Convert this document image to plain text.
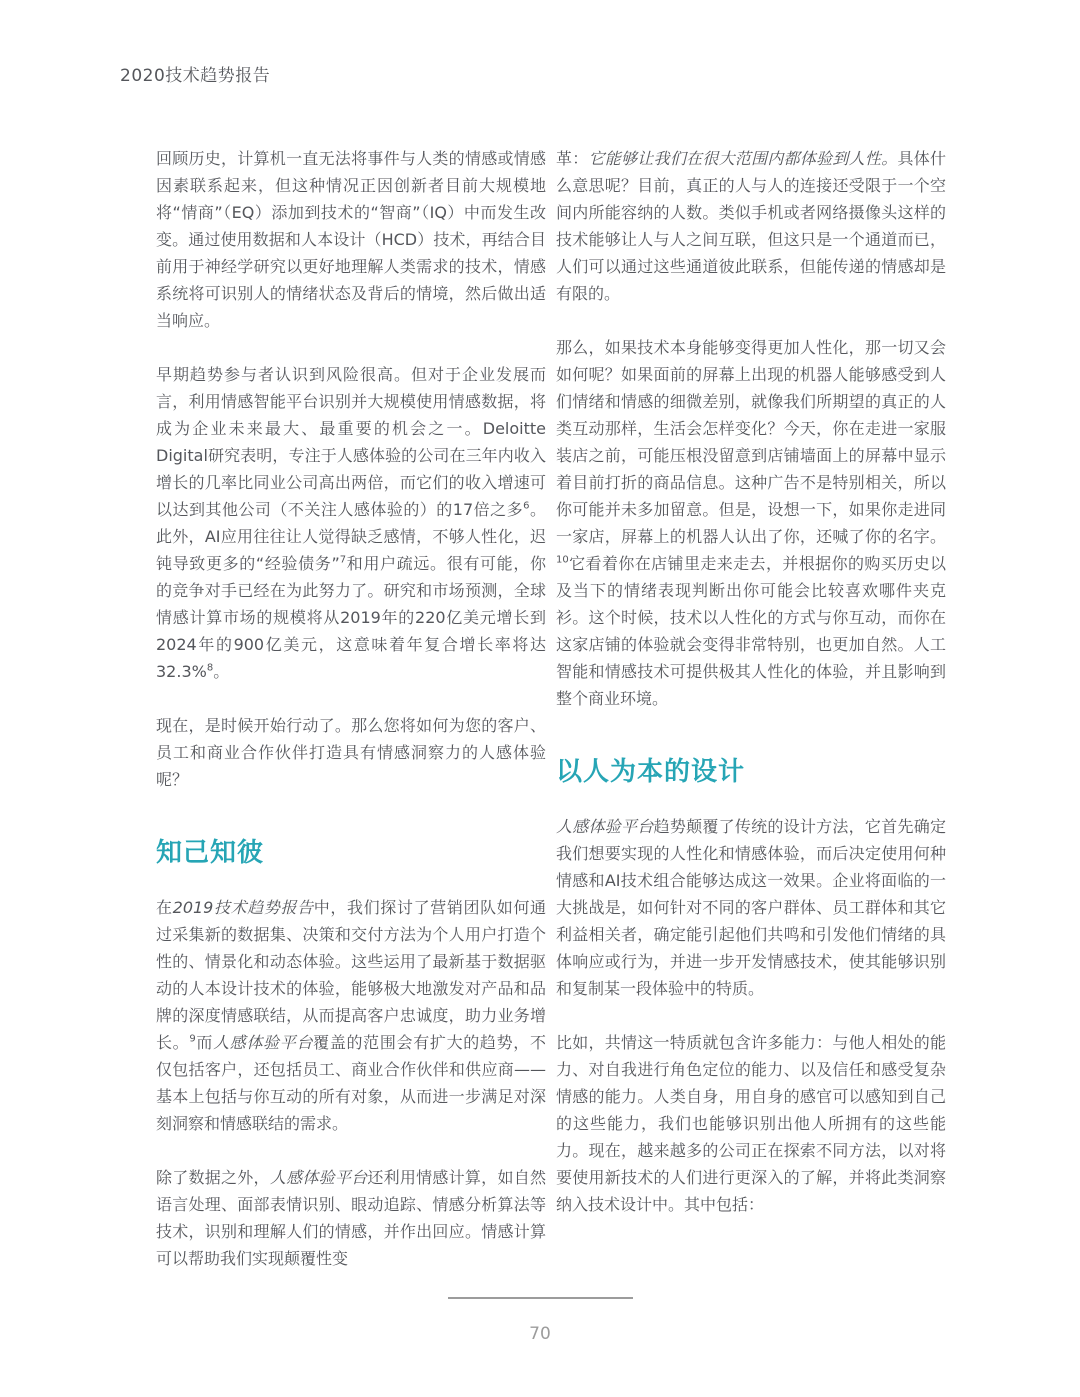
2020技术趋势报告

回顾历史，计算机一直无法将事件与人类的情感或情感因素联系起来，但这种情况正因创新者目前大规模地将“情商”（EQ）添加到技术的“智商”（IQ）中而发生改变。通过使用数据和人本设计（HCD）技术，再结合目前用于神经学研究以更好地理解人类需求的技术，情感系统将可识别人的情绪状态及背后的情境，然后做出适当响应。

早期趋势参与者认识到风险很高。但对于企业发展而言，利用情感智能平台识别并大规模使用情感数据，将成为企业未来最大、最重要的机会之一。Deloitte Digital研究表明，专注于人感体验的公司在三年内收入增长的几率比同业公司高出两倍，而它们的收入增速可以达到其他公司（不关注人感体验的）的17倍之多$^6$。此外，AI应用往往让人觉得缺乏感情，不够人性化，迟钝导致更多的“经验债务”$^7$和用户疏远。很有可能，你的竞争对手已经在为此努力了。研究和市场预测，全球情感计算市场的规模将从2019年的220亿美元增长到2024年的900亿美元，这意味着年复合增长率将达32.3%$^8$。

现在，是时候开始行动了。那么您将如何为您的客户、员工和商业合作伙伴打造具有情感洞察力的人感体验呢？

知己知彼

在2019技术趋势报告中，我们探讨了营销团队如何通过采集新的数据集、决策和交付方法为个人用户打造个性的、情景化和动态体验。这些运用了最新基于数据驱动的人本设计技术的体验，能够极大地激发对产品和品牌的深度情感联结，从而提高客户忠诚度，助力业务增长。$^9$而人感体验平台覆盖的范围会有扩大的趋势，不仅包括客户，还包括员工、商业合作伙伴和供应商——基本上包括与你互动的所有对象，从而进一步满足对深刻洞察和情感联结的需求。

除了数据之外，人感体验平台还利用情感计算，如自然语言处理、面部表情识别、眼动追踪、情感分析算法等技术，识别和理解人们的情感，并作出回应。情感计算可以帮助我们实现颠覆性变

革：它能够让我们在很大范围内都体验到人性。具体什么意思呢？目前，真正的人与人的连接还受限于一个空间内所能容纳的人数。类似手机或者网络摄像头这样的技术能够让人与人之间互联，但这只是一个通道而已，人们可以通过这些通道彼此联系，但能传递的情感却是有限的。

那么，如果技术本身能够变得更加人性化，那一切又会如何呢？如果面前的屏幕上出现的机器人能够感受到人们情绪和情感的细微差别，就像我们所期望的真正的人类互动那样，生活会怎样变化？今天，你在走进一家服装店之前，可能压根没留意到店铺墙面上的屏幕中显示着目前打折的商品信息。这种广告不是特别相关，所以你可能并未多加留意。但是，设想一下，如果你走进同一家店，屏幕上的机器人认出了你，还喊了你的名字。$^{10}$它看着你在店铺里走来走去，并根据你的购买历史以及当下的情绪表现判断出你可能会比较喜欢哪件夹克衫。这个时候，技术以人性化的方式与你互动，而你在这家店铺的体验就会变得非常特别，也更加自然。人工智能和情感技术可提供极其人性化的体验，并且影响到整个商业环境。

以人为本的设计

人感体验平台趋势颠覆了传统的设计方法，它首先确定我们想要实现的人性化和情感体验，而后决定使用何种情感和AI技术组合能够达成这一效果。企业将面临的一大挑战是，如何针对不同的客户群体、员工群体和其它利益相关者，确定能引起他们共鸣和引发他们情绪的具体响应或行为，并进一步开发情感技术，使其能够识别和复制某一段体验中的特质。

比如，共情这一特质就包含许多能力：与他人相处的能力、对自我进行角色定位的能力、以及信任和感受复杂情感的能力。人类自身，用自身的感官可以感知到自己的这些能力，我们也能够识别出他人所拥有的这些能力。现在，越来越多的公司正在探索不同方法，以对将要使用新技术的人们进行更深入的了解，并将此类洞察纳入技术设计中。其中包括：

70
